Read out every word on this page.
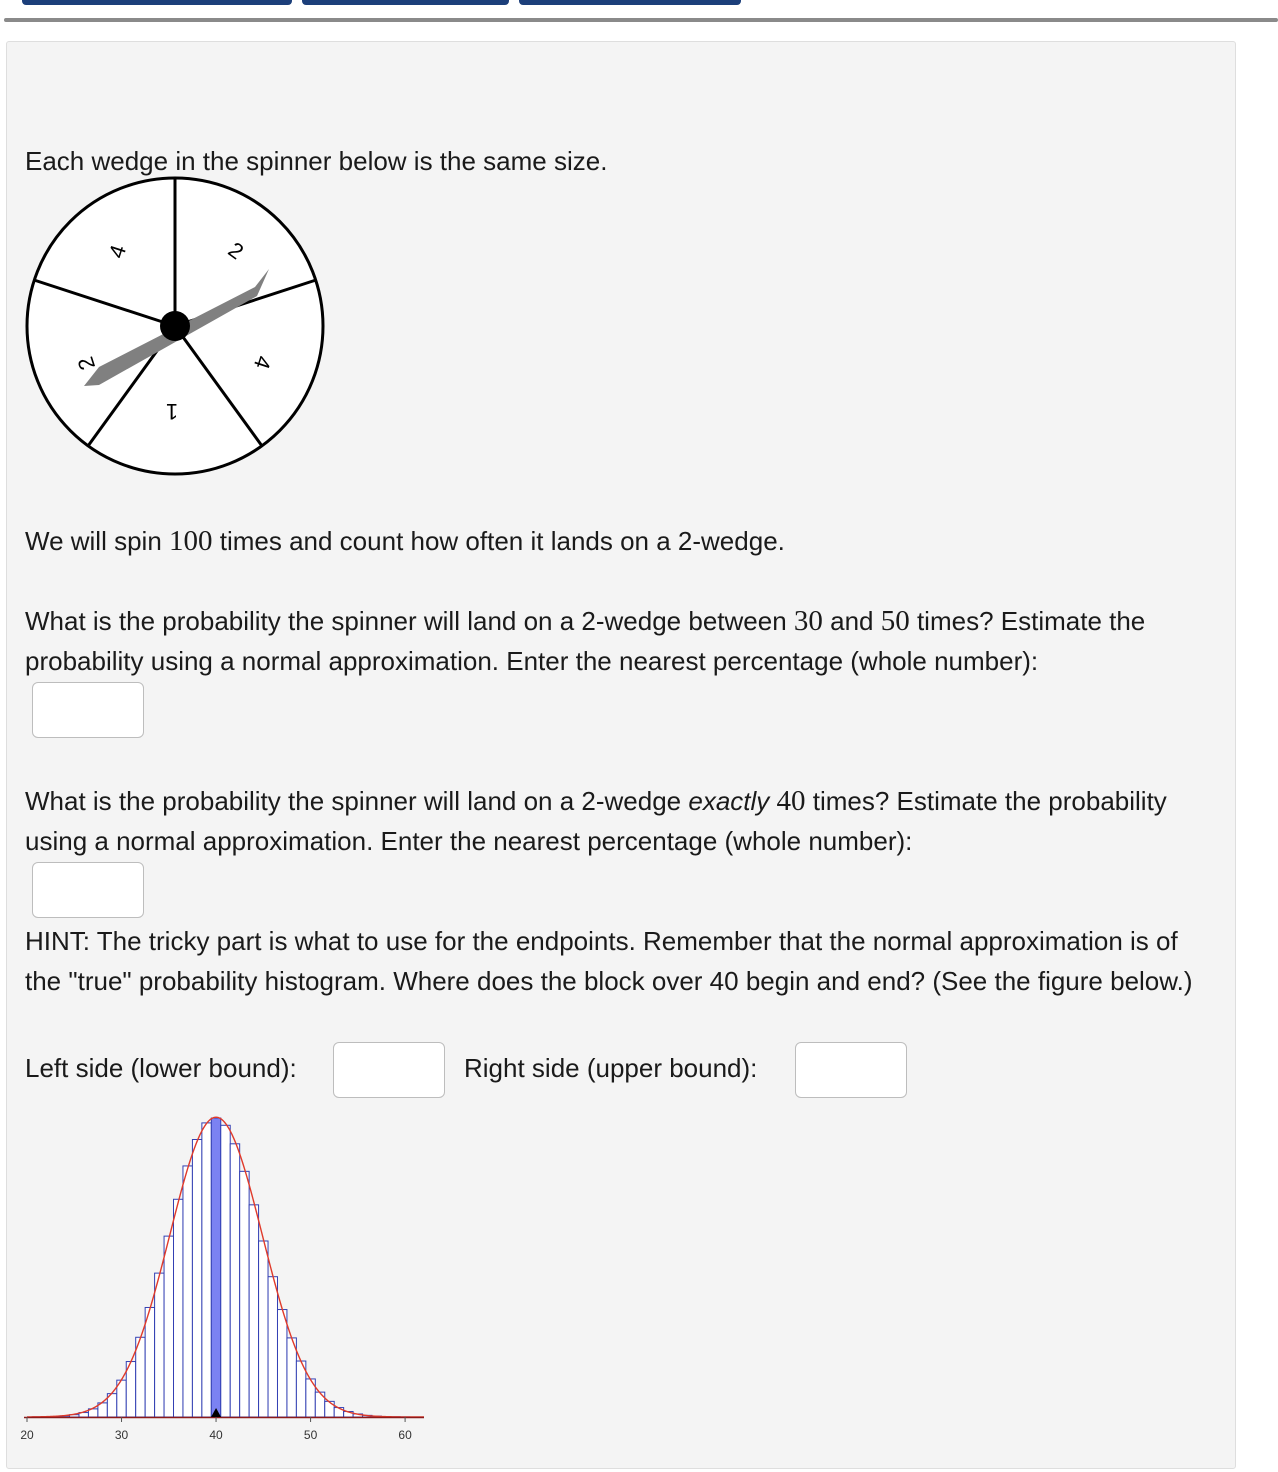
Each wedge in the spinner below is the same size.

2
4
1
4
2

We will spin 100 times and count how often it lands on a 2-wedge.

What is the probability the spinner will land on a 2-wedge between 30 and 50 times? Estimate the probability using a normal approximation. Enter the nearest percentage (whole number):

What is the probability the spinner will land on a 2-wedge exactly 40 times? Estimate the probability using a normal approximation. Enter the nearest percentage (whole number):

HINT: The tricky part is what to use for the endpoints. Remember that the normal approximation is of the "true" probability histogram. Where does the block over 40 begin and end? (See the figure below.)

Left side (lower bound):	Right side (upper bound):

20	30	40	50	60
